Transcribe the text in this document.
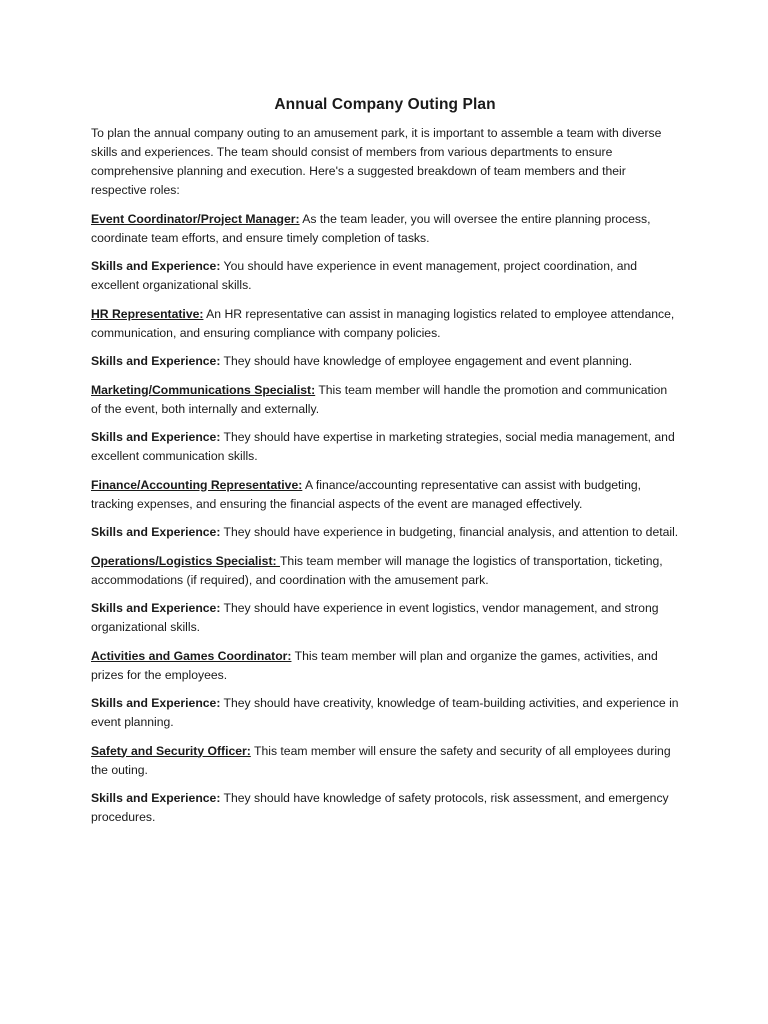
Annual Company Outing Plan

To plan the annual company outing to an amusement park, it is important to assemble a team with diverse skills and experiences. The team should consist of members from various departments to ensure comprehensive planning and execution. Here's a suggested breakdown of team members and their respective roles:

Event Coordinator/Project Manager: As the team leader, you will oversee the entire planning process, coordinate team efforts, and ensure timely completion of tasks.

Skills and Experience: You should have experience in event management, project coordination, and excellent organizational skills.

HR Representative: An HR representative can assist in managing logistics related to employee attendance, communication, and ensuring compliance with company policies.

Skills and Experience: They should have knowledge of employee engagement and event planning.

Marketing/Communications Specialist: This team member will handle the promotion and communication of the event, both internally and externally.

Skills and Experience: They should have expertise in marketing strategies, social media management, and excellent communication skills.

Finance/Accounting Representative: A finance/accounting representative can assist with budgeting, tracking expenses, and ensuring the financial aspects of the event are managed effectively.

Skills and Experience: They should have experience in budgeting, financial analysis, and attention to detail.

Operations/Logistics Specialist: This team member will manage the logistics of transportation, ticketing, accommodations (if required), and coordination with the amusement park.

Skills and Experience: They should have experience in event logistics, vendor management, and strong organizational skills.

Activities and Games Coordinator: This team member will plan and organize the games, activities, and prizes for the employees.

Skills and Experience: They should have creativity, knowledge of team-building activities, and experience in event planning.

Safety and Security Officer: This team member will ensure the safety and security of all employees during the outing.

Skills and Experience: They should have knowledge of safety protocols, risk assessment, and emergency procedures.
